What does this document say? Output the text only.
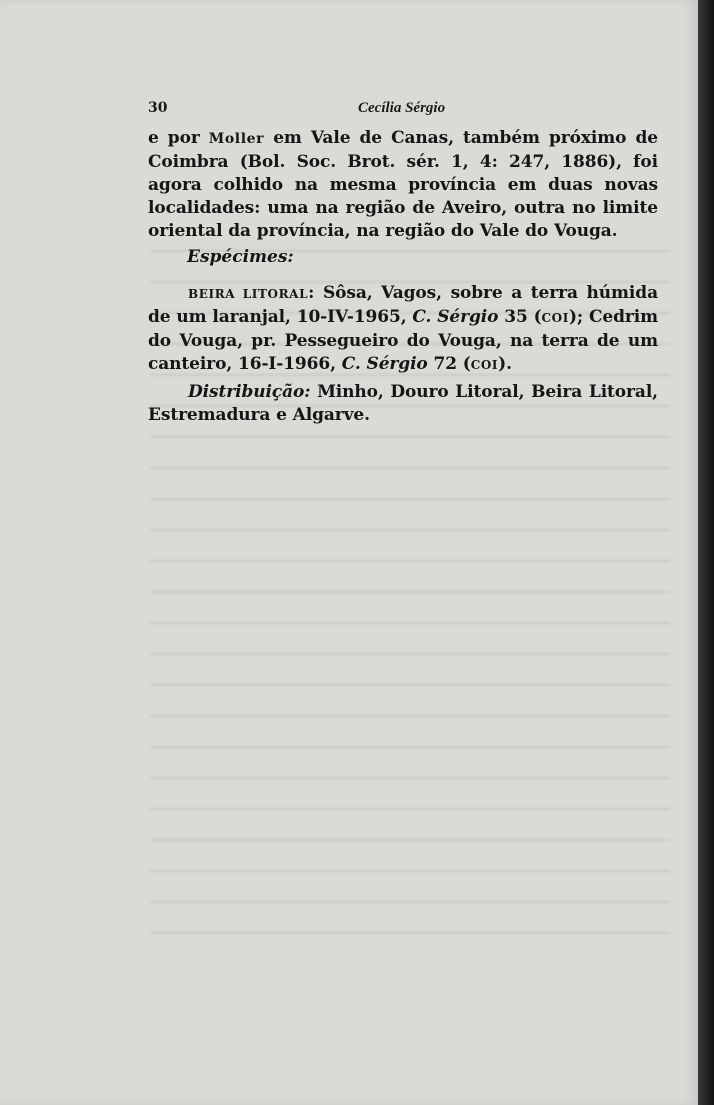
30	Cecília Sérgio
e por Moller em Vale de Canas, também próximo de Coimbra (Bol. Soc. Brot. sér. 1, 4: 247, 1886), foi agora colhido na mesma província em duas novas localidades: uma na região de Aveiro, outra no limite oriental da província, na região do Vale do Vouga.
Espécimes:
BEIRA LITORAL: Sôsa, Vagos, sobre a terra húmida de um laranjal, 10-IV-1965, C. Sérgio 35 (COI); Cedrim do Vouga, pr. Pessegueiro do Vouga, na terra de um canteiro, 16-I-1966, C. Sérgio 72 (COI).
Distribuição: Minho, Douro Litoral, Beira Litoral, Estremadura e Algarve.
